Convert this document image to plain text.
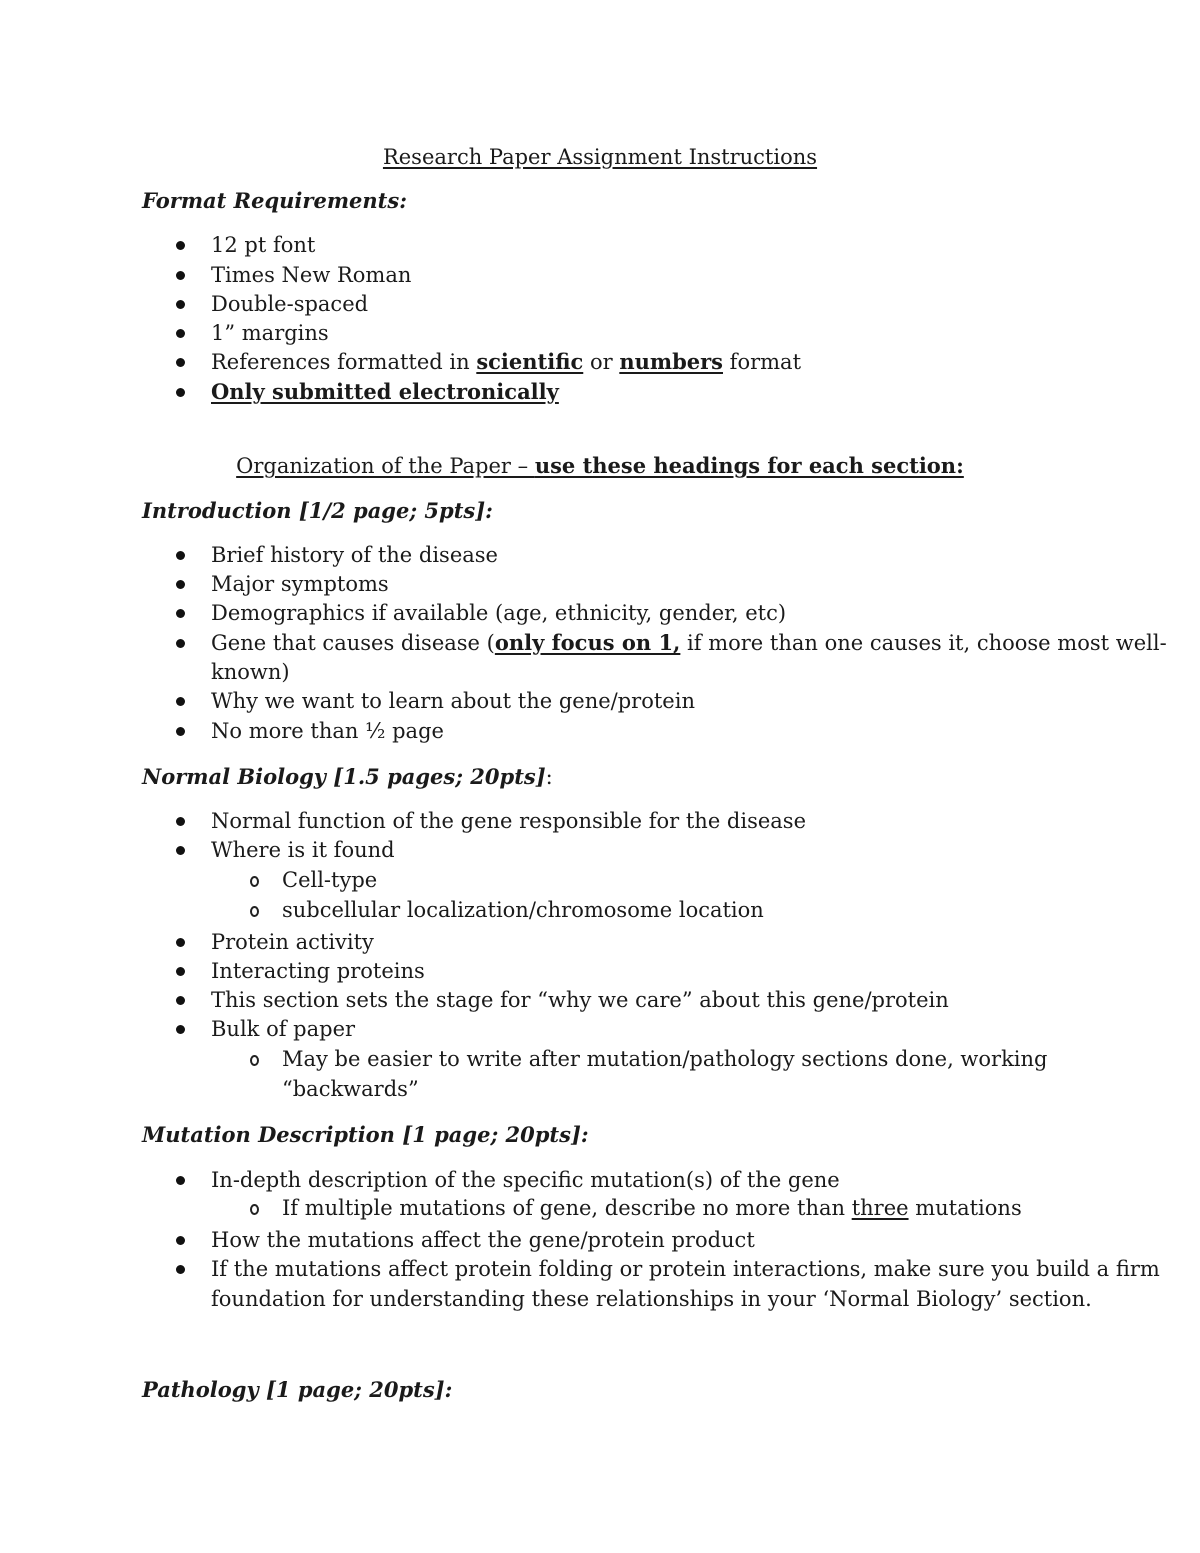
Research Paper Assignment Instructions
Format Requirements:
12 pt font
Times New Roman
Double-spaced
1” margins
References formatted in scientific or numbers format
Only submitted electronically
Organization of the Paper – use these headings for each section:
Introduction [1/2 page; 5pts]:
Brief history of the disease
Major symptoms
Demographics if available (age, ethnicity, gender, etc)
Gene that causes disease (only focus on 1, if more than one causes it, choose most well-
known)
Why we want to learn about the gene/protein
No more than ½ page
Normal Biology [1.5 pages; 20pts]:
Normal function of the gene responsible for the disease
Where is it found
Cell-type
subcellular localization/chromosome location
Protein activity
Interacting proteins
This section sets the stage for “why we care” about this gene/protein
Bulk of paper
May be easier to write after mutation/pathology sections done, working
“backwards”
Mutation Description [1 page; 20pts]:
In-depth description of the specific mutation(s) of the gene
If multiple mutations of gene, describe no more than three mutations
How the mutations affect the gene/protein product
If the mutations affect protein folding or protein interactions, make sure you build a firm
foundation for understanding these relationships in your ‘Normal Biology’ section.
Pathology [1 page; 20pts]:
